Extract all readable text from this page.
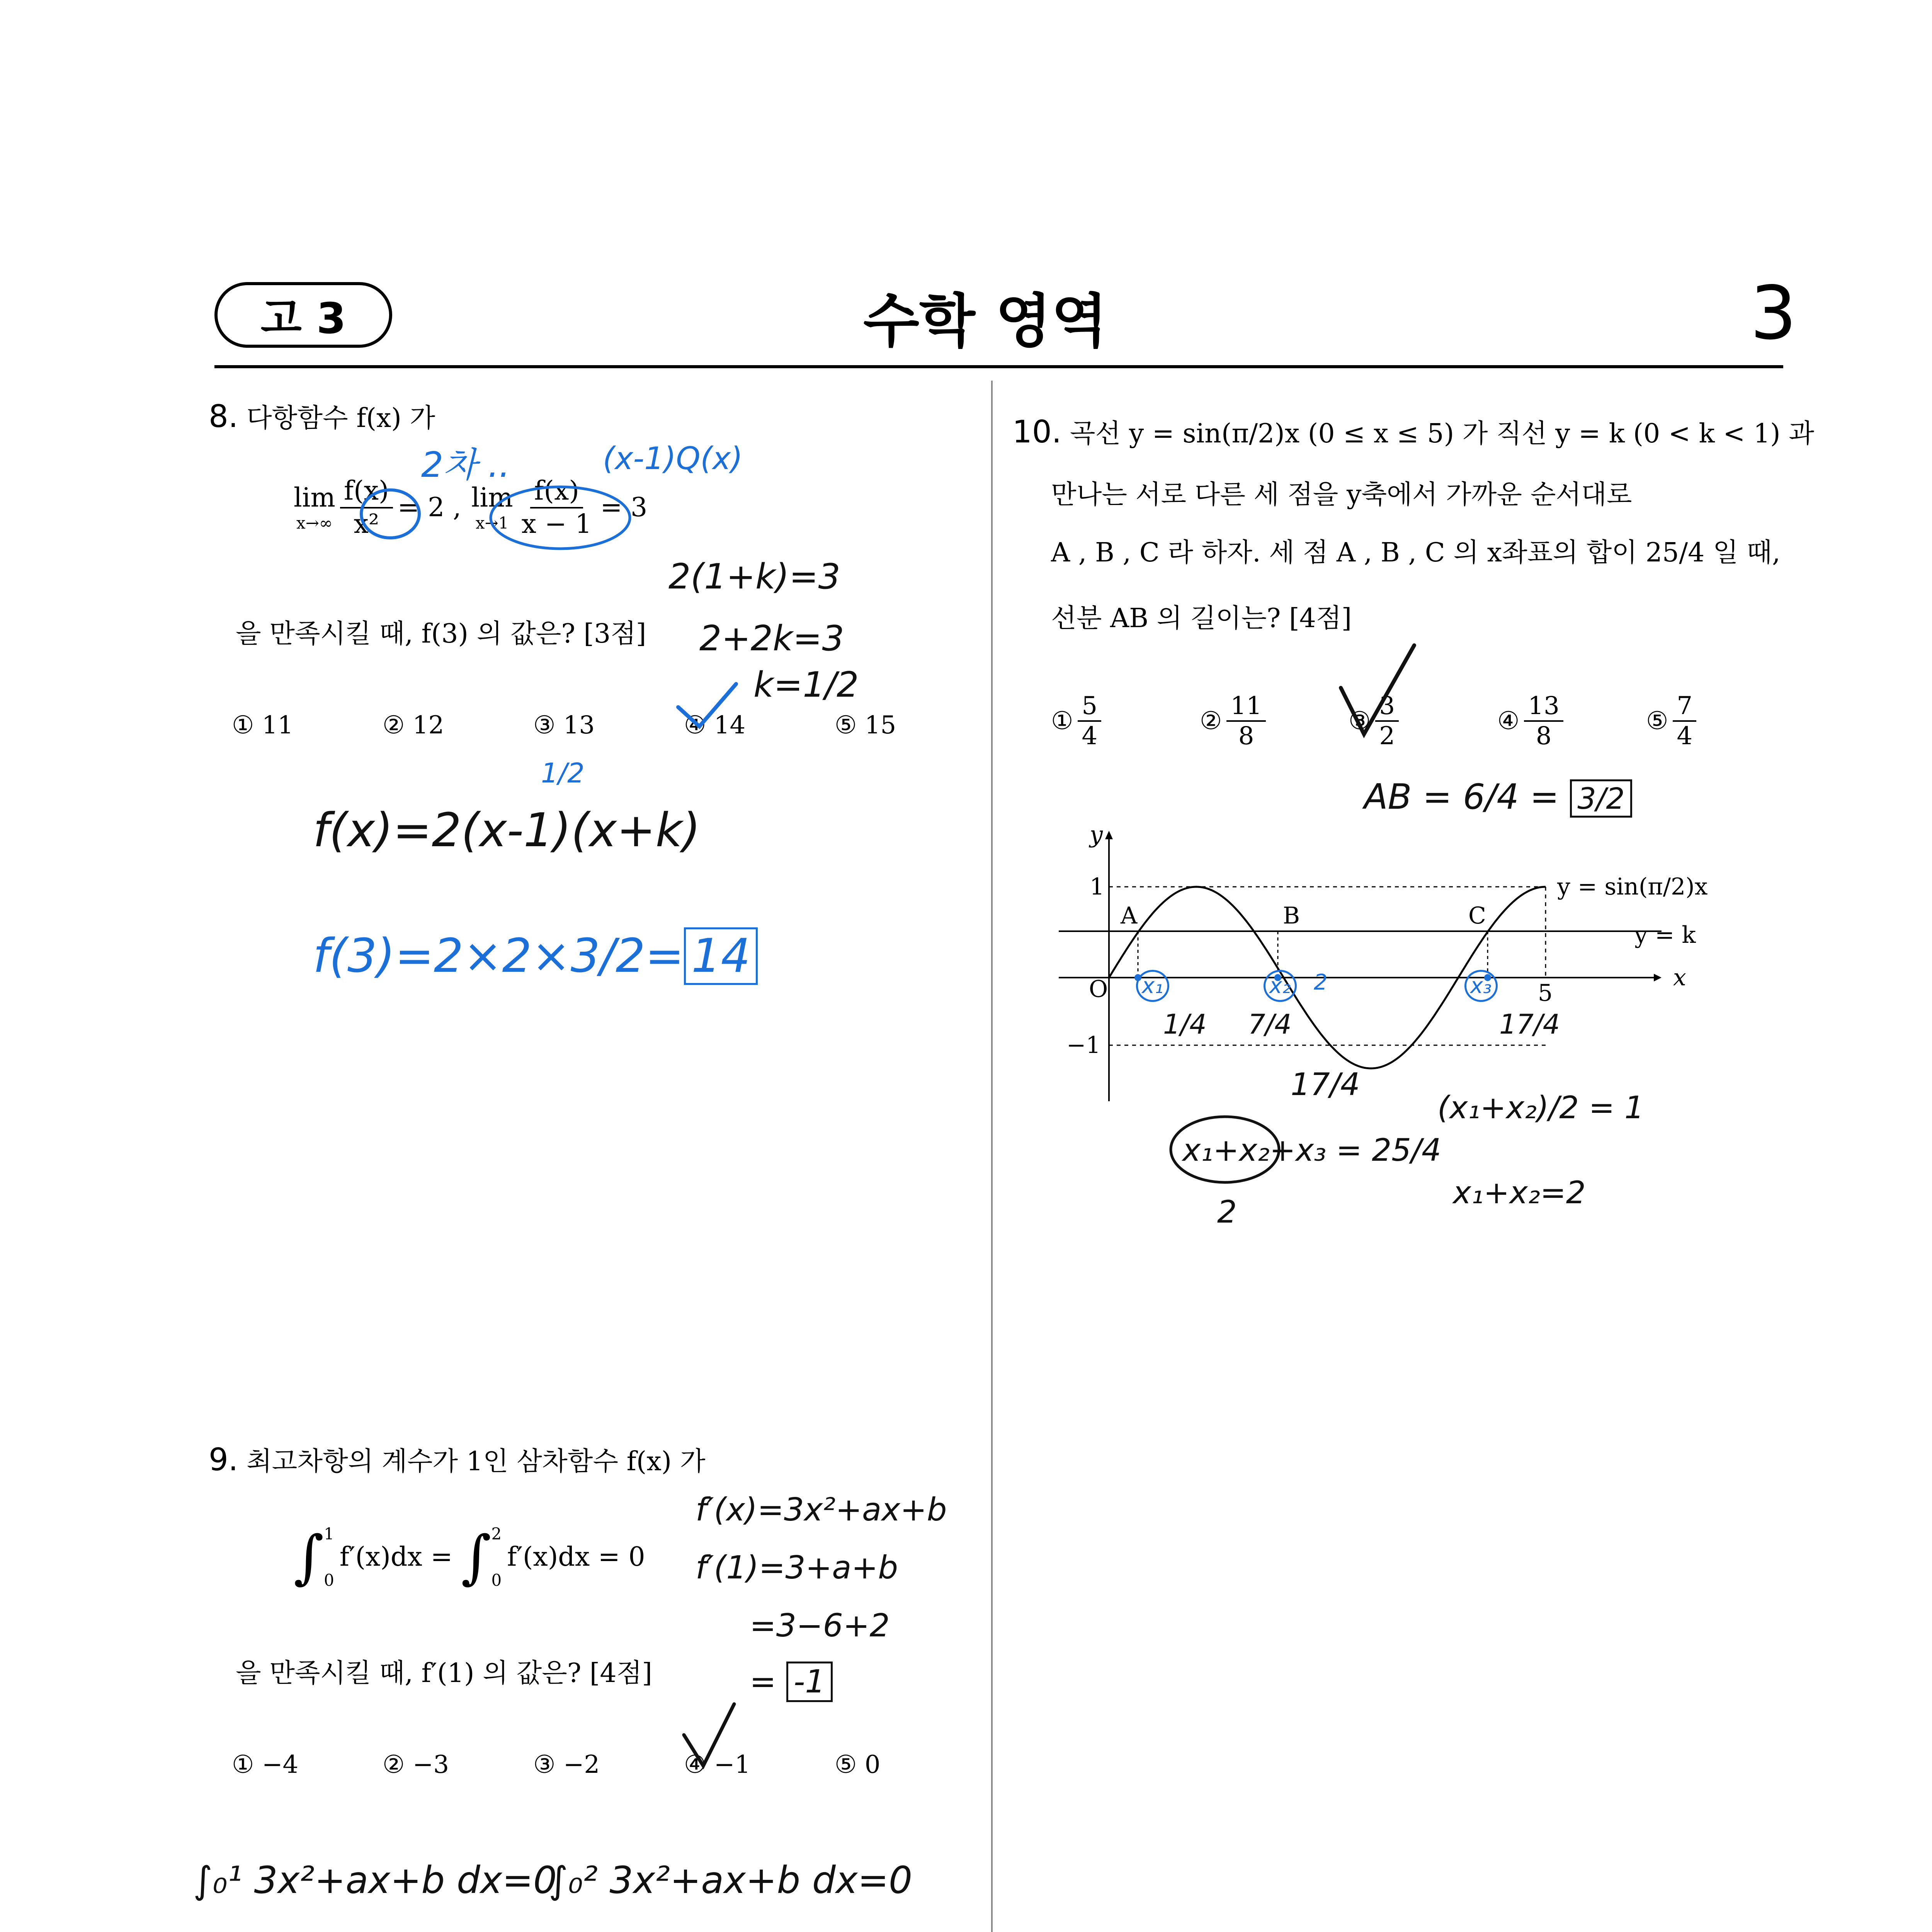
고 3	수학 영역	3
8. 다항함수 f(x) 가
lim
$x\to\infty \frac{f(x)}{\text{x²}} = 2$ , lim
$x\to 1 \frac{f(x)}{x - 1} = 3$
을 만족시킬 때, f(3) 의 값은? [3점]
① 11	② 12	③ 13	④ 14	⑤ 15
2차 ..	(x-1)Q(x)
2(1+k)=3
2+2k=3
k=1/2
f(x)=2(x-1)(x+k)
1/2
f(3)=2×2×3/2= 14
9. 최고차항의 계수가 1인 삼차함수 f(x) 가
∫ 1
0
f′(x)dx = ∫ 2
0
f′(x)dx = 0
을 만족시킬 때, f′(1) 의 값은? [4점]
① −4	② −3	③ −2	④ −1	⑤ 0
f′(x)=3x²+ax+b
f′(1)=3+a+b
=3−6+2
= -1
∫₀¹ 3x²+ax+b dx=0
∫₀² 3x²+ax+b dx=0
10. 곡선 y = sin(π/2)x (0 ≤ x ≤ 5) 가 직선 y = k (0 < k < 1) 과
만나는 서로 다른 세 점을 y축에서 가까운 순서대로
A , B , C 라 하자. 세 점 A , B , C 의 x좌표의 합이 25/4 일 때,
선분 AB 의 길이는? [4점]
① $\frac{5}{4}$	② $\frac{11}{8}$	③ $\frac{3}{2}$	④ $\frac{13}{8}$	⑤ $\frac{7}{4}$
AB = 6/4 = 3/2
y
x
O
1
−1
5
A	B	C
y = sin(π/2)x
y = k
x₁	x₂ 2	x₃
1/4 7/4	17/4
17/4
x₁+x₂+x₃ = 25/4
2
(x₁+x₂)/2 = 1
x₁+x₂=2
